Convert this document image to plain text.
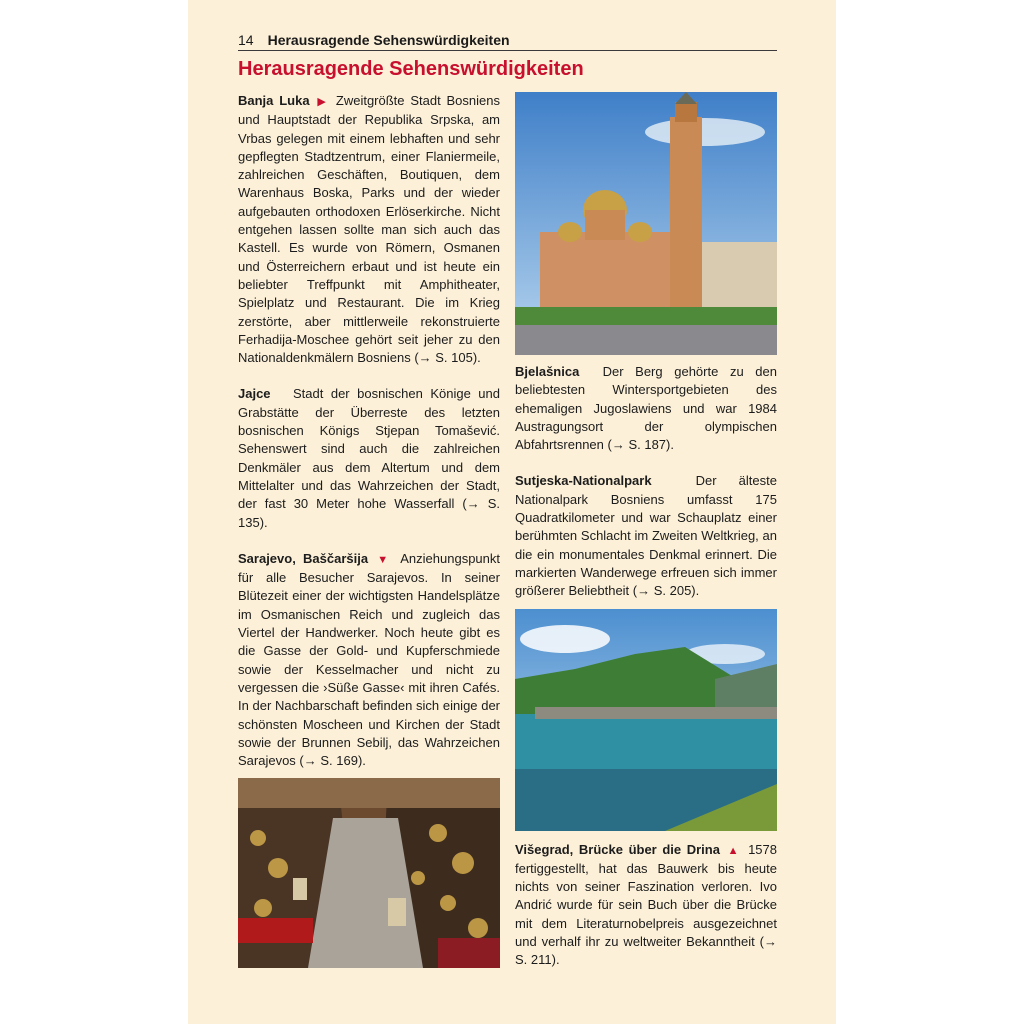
14 Herausragende Sehenswürdigkeiten
Herausragende Sehenswürdigkeiten

Banja Luka ▶ Zweitgrößte Stadt Bosniens und Hauptstadt der Republika Srpska, am Vrbas gelegen mit einem lebhaften und sehr gepflegten Stadtzentrum, einer Flaniermeile, zahlreichen Geschäften, Boutiquen, dem Warenhaus Boska, Parks und der wieder aufgebauten orthodoxen Erlöserkirche. Nicht entgehen lassen sollte man sich auch das Kastell. Es wurde von Römern, Osmanen und Österreichern erbaut und ist heute ein beliebter Treffpunkt mit Amphitheater, Spielplatz und Restaurant. Die im Krieg zerstörte, aber mittlerweile rekonstruierte Ferhadija-Moschee gehört seit jeher zu den Nationaldenkmälern Bosniens (→ S. 105).

Jajce Stadt der bosnischen Könige und Grabstätte der Überreste des letzten bosnischen Königs Stjepan Tomašević. Sehenswert sind auch die zahlreichen Denkmäler aus dem Altertum und dem Mittelalter und das Wahrzeichen der Stadt, der fast 30 Meter hohe Wasserfall (→ S. 135).

Sarajevo, Baščaršija ▼ Anziehungspunkt für alle Besucher Sarajevos. In seiner Blütezeit einer der wichtigsten Handelsplätze im Osmanischen Reich und zugleich das Viertel der Handwerker. Noch heute gibt es die Gasse der Gold- und Kupferschmiede sowie der Kesselmacher und nicht zu vergessen die ›Süße Gasse‹ mit ihren Cafés. In der Nachbarschaft befinden sich einige der schönsten Moscheen und Kirchen der Stadt sowie der Brunnen Sebilj, das Wahrzeichen Sarajevos (→ S. 169).

Bjelašnica Der Berg gehörte zu den beliebtesten Wintersportgebieten des ehemaligen Jugoslawiens und war 1984 Austragungsort der olympischen Abfahrtsrennen (→ S. 187).

Sutjeska-Nationalpark	Der älteste Nationalpark Bosniens umfasst 175 Quadratkilometer und war Schauplatz einer berühmten Schlacht im Zweiten Weltkrieg, an die ein monumentales Denkmal erinnert. Die markierten Wanderwege erfreuen sich immer größerer Beliebtheit (→ S. 205).

Višegrad, Brücke über die Drina ▲ 1578 fertiggestellt, hat das Bauwerk bis heute nichts von seiner Faszination verloren. Ivo Andrić wurde für sein Buch über die Brücke mit dem Literaturnobelpreis ausgezeichnet und verhalf ihr zu weltweiter Bekanntheit (→ S. 211).
